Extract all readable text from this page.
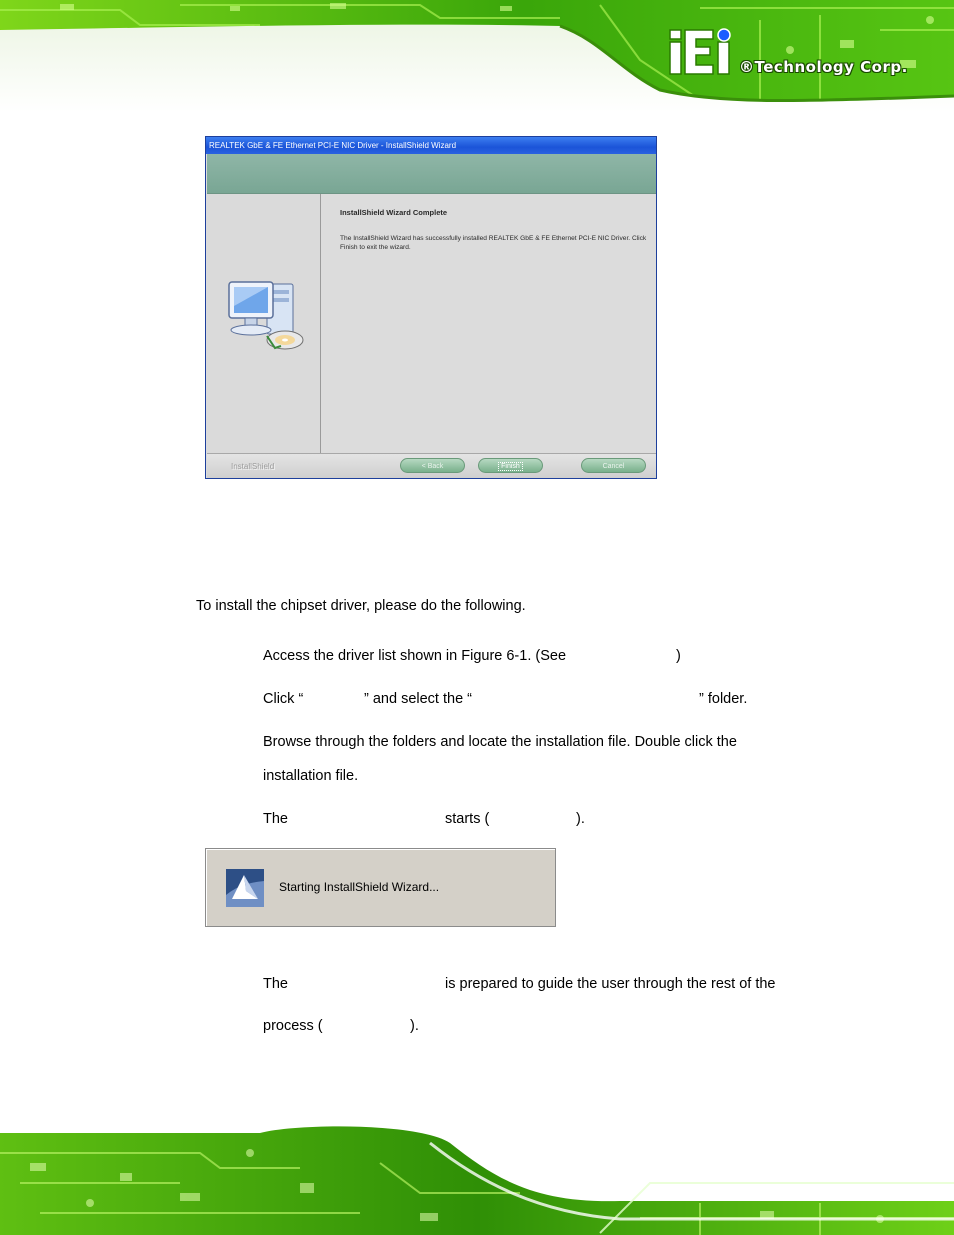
®Technology Corp.
REALTEK GbE & FE Ethernet PCI-E NIC Driver - InstallShield Wizard
InstallShield Wizard Complete
The InstallShield Wizard has successfully installed REALTEK GbE & FE Ethernet PCI-E NIC Driver. Click Finish to exit the wizard.
InstallShield	< Back	Finish	Cancel
To install the chipset driver, please do the following.
Access the driver list shown in Figure 6-1. (See	)
Click “	” and select the “	” folder.
Browse through the folders and locate the installation file. Double click the
installation file.
The	starts (	).
Starting InstallShield Wizard...
The	is prepared to guide the user through the rest of the
process (	).
